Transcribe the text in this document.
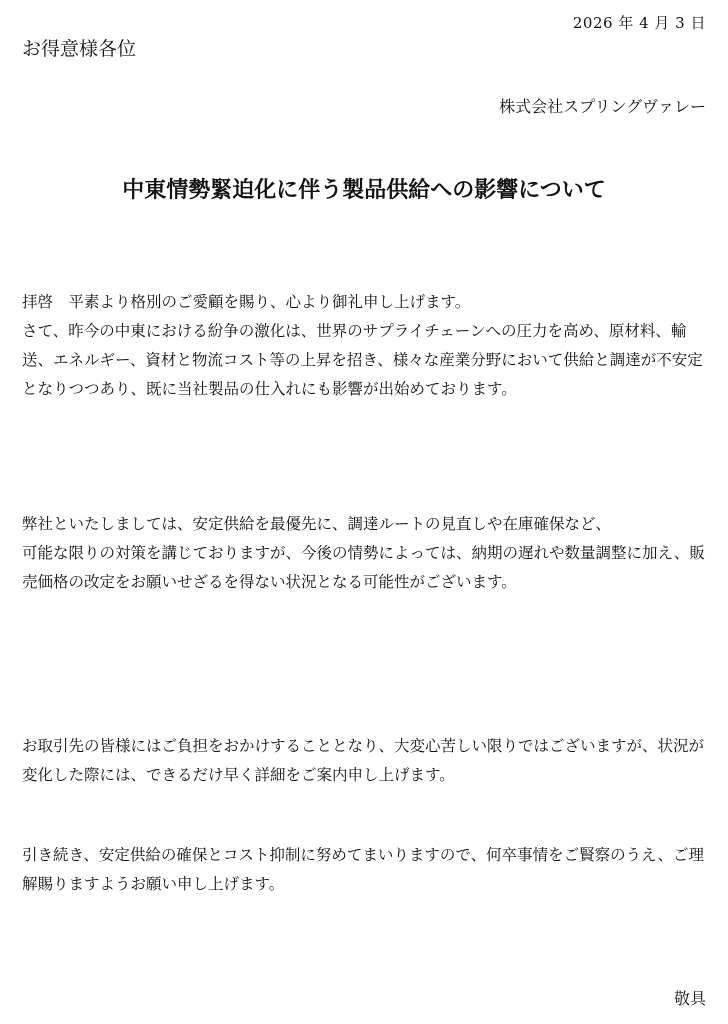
2026 年 4 月 3 日
お得意様各位
株式会社スプリングヴァレー
中東情勢緊迫化に伴う製品供給への影響について

拝啓　平素より格別のご愛顧を賜り、心より御礼申し上げます。
さて、昨今の中東における紛争の激化は、世界のサプライチェーンへの圧力を高め、原材料、輸送、エネルギー、資材と物流コスト等の上昇を招き、様々な産業分野において供給と調達が不安定となりつつあり、既に当社製品の仕入れにも影響が出始めております。

弊社といたしましては、安定供給を最優先に、調達ルートの見直しや在庫確保など、
可能な限りの対策を講じておりますが、今後の情勢によっては、納期の遅れや数量調整に加え、販売価格の改定をお願いせざるを得ない状況となる可能性がございます。

お取引先の皆様にはご負担をおかけすることとなり、大変心苦しい限りではございますが、状況が変化した際には、できるだけ早く詳細をご案内申し上げます。

引き続き、安定供給の確保とコスト抑制に努めてまいりますので、何卒事情をご賢察のうえ、ご理解賜りますようお願い申し上げます。

敬具
